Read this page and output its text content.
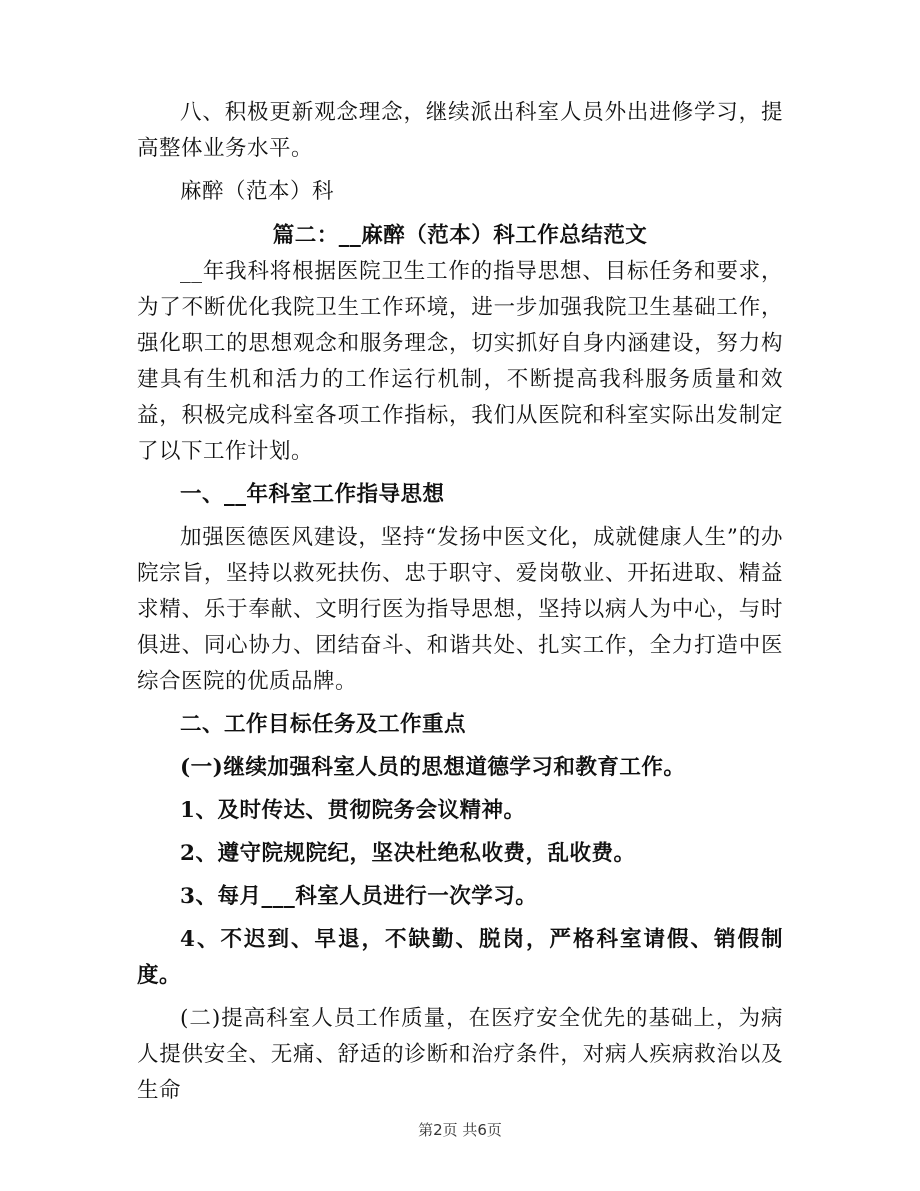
八、积极更新观念理念，继续派出科室人员外出进修学习，提高整体业务水平。

麻醉（范本）科

篇二：__麻醉（范本）科工作总结范文

__年我科将根据医院卫生工作的指导思想、目标任务和要求，为了不断优化我院卫生工作环境，进一步加强我院卫生基础工作，强化职工的思想观念和服务理念，切实抓好自身内涵建设，努力构建具有生机和活力的工作运行机制，不断提高我科服务质量和效益，积极完成科室各项工作指标，我们从医院和科室实际出发制定了以下工作计划。

一、__年科室工作指导思想

加强医德医风建设，坚持“发扬中医文化，成就健康人生”的办院宗旨，坚持以救死扶伤、忠于职守、爱岗敬业、开拓进取、精益求精、乐于奉献、文明行医为指导思想，坚持以病人为中心，与时俱进、同心协力、团结奋斗、和谐共处、扎实工作，全力打造中医综合医院的优质品牌。

二、工作目标任务及工作重点

(一)继续加强科室人员的思想道德学习和教育工作。

1、及时传达、贯彻院务会议精神。

2、遵守院规院纪，坚决杜绝私收费，乱收费。

3、每月___科室人员进行一次学习。

4、不迟到、早退，不缺勤、脱岗，严格科室请假、销假制度。

(二)提高科室人员工作质量，在医疗安全优先的基础上，为病人提供安全、无痛、舒适的诊断和治疗条件，对病人疾病救治以及生命

第2页 共6页
